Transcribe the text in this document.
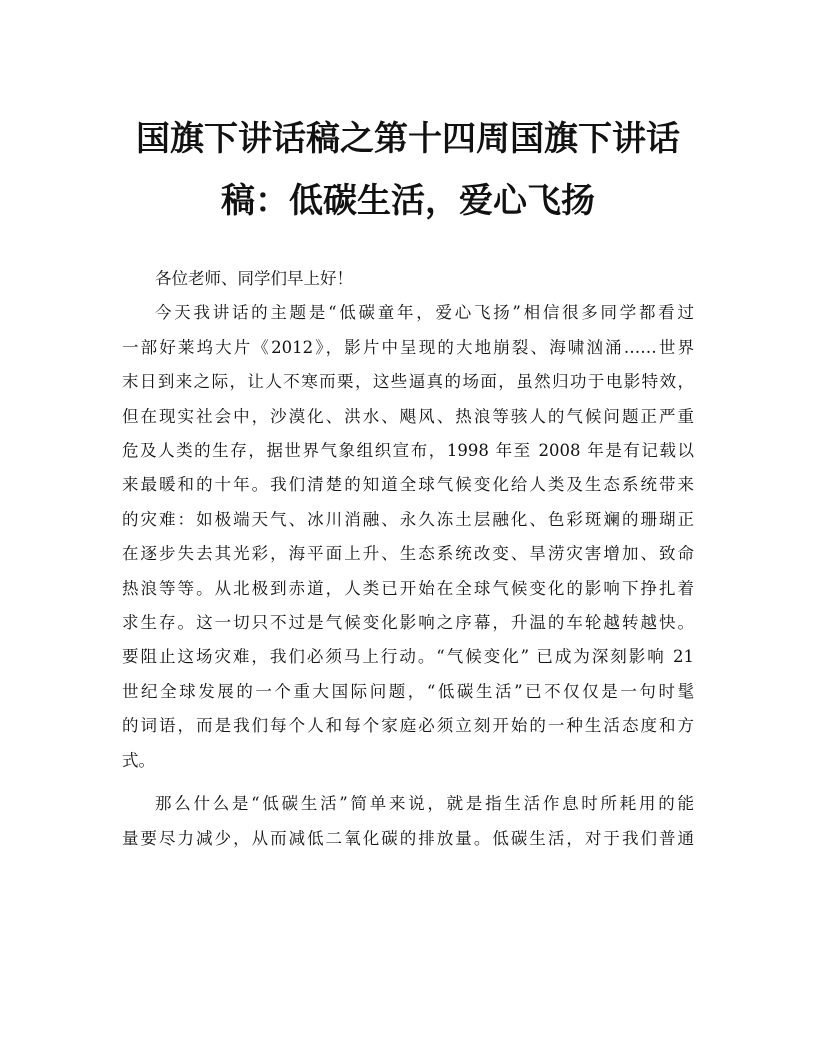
国旗下讲话稿之第十四周国旗下讲话
稿：低碳生活，爱心飞扬

各位老师、同学们早上好！

今天我讲话的主题是“低碳童年，爱心飞扬”相信很多同学都看过
一部好莱坞大片《2012》，影片中呈现的大地崩裂、海啸汹涌……世界
末日到来之际，让人不寒而栗，这些逼真的场面，虽然归功于电影特效，
但在现实社会中，沙漠化、洪水、飓风、热浪等骇人的气候问题正严重
危及人类的生存，据世界气象组织宣布，1998 年至 2008 年是有记载以
来最暖和的十年。我们清楚的知道全球气候变化给人类及生态系统带来
的灾难：如极端天气、冰川消融、永久冻土层融化、色彩斑斓的珊瑚正
在逐步失去其光彩，海平面上升、生态系统改变、旱涝灾害增加、致命
热浪等等。从北极到赤道，人类已开始在全球气候变化的影响下挣扎着
求生存。这一切只不过是气候变化影响之序幕，升温的车轮越转越快。
要阻止这场灾难，我们必须马上行动。“气候变化” 已成为深刻影响 21
世纪全球发展的一个重大国际问题，“低碳生活”已不仅仅是一句时髦
的词语，而是我们每个人和每个家庭必须立刻开始的一种生活态度和方
式。

那么什么是“低碳生活”简单来说，就是指生活作息时所耗用的能
量要尽力减少，从而减低二氧化碳的排放量。低碳生活，对于我们普通
